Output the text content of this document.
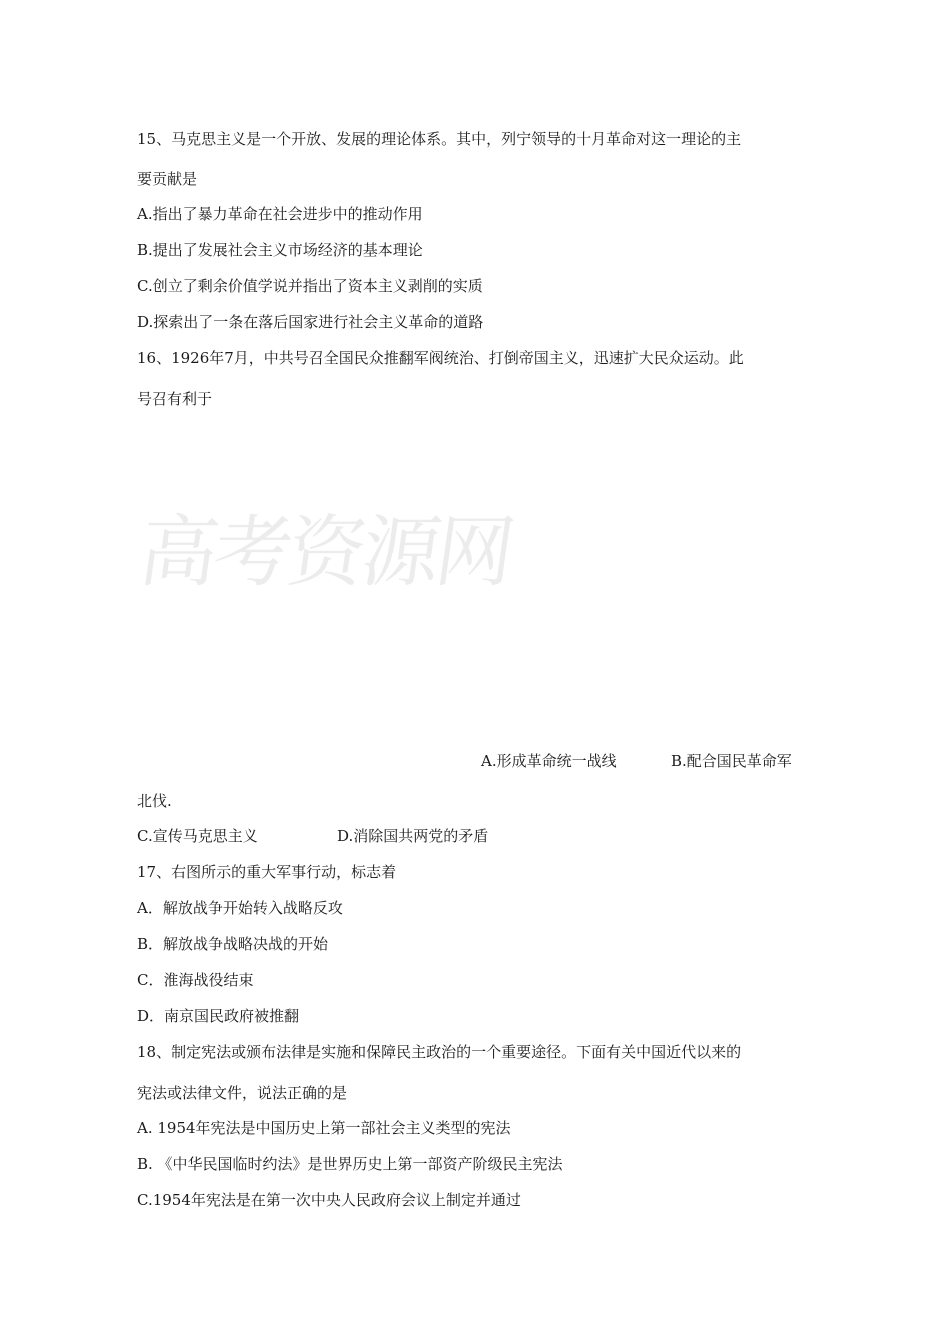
15、马克思主义是一个开放、发展的理论体系。其中，列宁领导的十月革命对这一理论的主
要贡献是
A.指出了暴力革命在社会进步中的推动作用
B.提出了发展社会主义市场经济的基本理论
C.创立了剩余价值学说并指出了资本主义剥削的实质
D.探索出了一条在落后国家进行社会主义革命的道路
16、1926年7月，中共号召全国民众推翻军阀统治、打倒帝国主义，迅速扩大民众运动。此
号召有利于
高考资源网
A.形成革命统一战线	B.配合国民革命军
北伐.
C.宣传马克思主义	D.消除国共两党的矛盾
17、右图所示的重大军事行动，标志着
A．解放战争开始转入战略反攻
B．解放战争战略决战的开始
C．淮海战役结束
D．南京国民政府被推翻
18、制定宪法或颁布法律是实施和保障民主政治的一个重要途径。下面有关中国近代以来的
宪法或法律文件，说法正确的是
A. 1954年宪法是中国历史上第一部社会主义类型的宪法
B. 《中华民国临时约法》是世界历史上第一部资产阶级民主宪法
C.1954年宪法是在第一次中央人民政府会议上制定并通过
